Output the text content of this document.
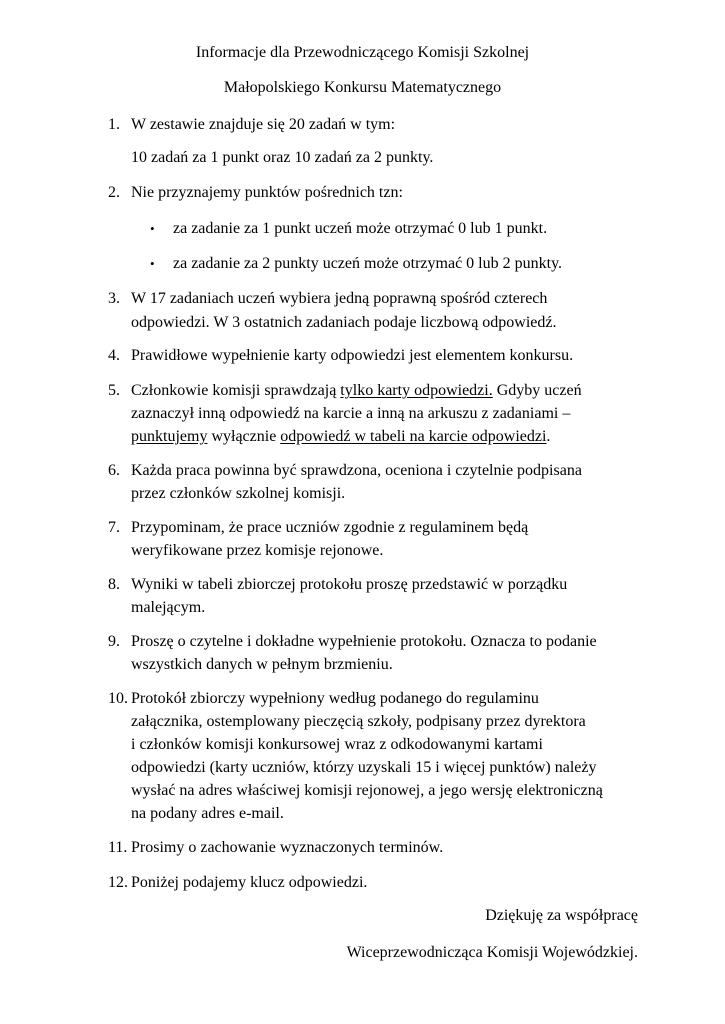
Informacje dla Przewodniczącego Komisji Szkolnej
Małopolskiego Konkursu Matematycznego
1. W zestawie znajduje się 20 zadań w tym:
10 zadań za 1 punkt oraz 10 zadań za 2 punkty.
2. Nie przyznajemy punktów pośrednich tzn:
• za zadanie za 1 punkt uczeń może otrzymać 0 lub 1 punkt.
• za zadanie za 2 punkty uczeń może otrzymać 0 lub 2 punkty.
3. W 17 zadaniach uczeń wybiera jedną poprawną spośród czterech
odpowiedzi. W 3 ostatnich zadaniach podaje liczbową odpowiedź.
4. Prawidłowe wypełnienie karty odpowiedzi jest elementem konkursu.
5. Członkowie komisji sprawdzają tylko karty odpowiedzi. Gdyby uczeń
zaznaczył inną odpowiedź na karcie a inną na arkuszu z zadaniami –
punktujemy wyłącznie odpowiedź w tabeli na karcie odpowiedzi.
6. Każda praca powinna być sprawdzona, oceniona i czytelnie podpisana
przez członków szkolnej komisji.
7. Przypominam, że prace uczniów zgodnie z regulaminem będą
weryfikowane przez komisje rejonowe.
8. Wyniki w tabeli zbiorczej protokołu proszę przedstawić w porządku
malejącym.
9. Proszę o czytelne i dokładne wypełnienie protokołu. Oznacza to podanie
wszystkich danych w pełnym brzmieniu.
10. Protokół zbiorczy wypełniony według podanego do regulaminu
załącznika, ostemplowany pieczęcią szkoły, podpisany przez dyrektora
i członków komisji konkursowej wraz z odkodowanymi kartami
odpowiedzi (karty uczniów, którzy uzyskali 15 i więcej punktów) należy
wysłać na adres właściwej komisji rejonowej, a jego wersję elektroniczną
na podany adres e-mail.
11. Prosimy o zachowanie wyznaczonych terminów.
12. Poniżej podajemy klucz odpowiedzi.
Dziękuję za współpracę
Wiceprzewodnicząca Komisji Wojewódzkiej.
